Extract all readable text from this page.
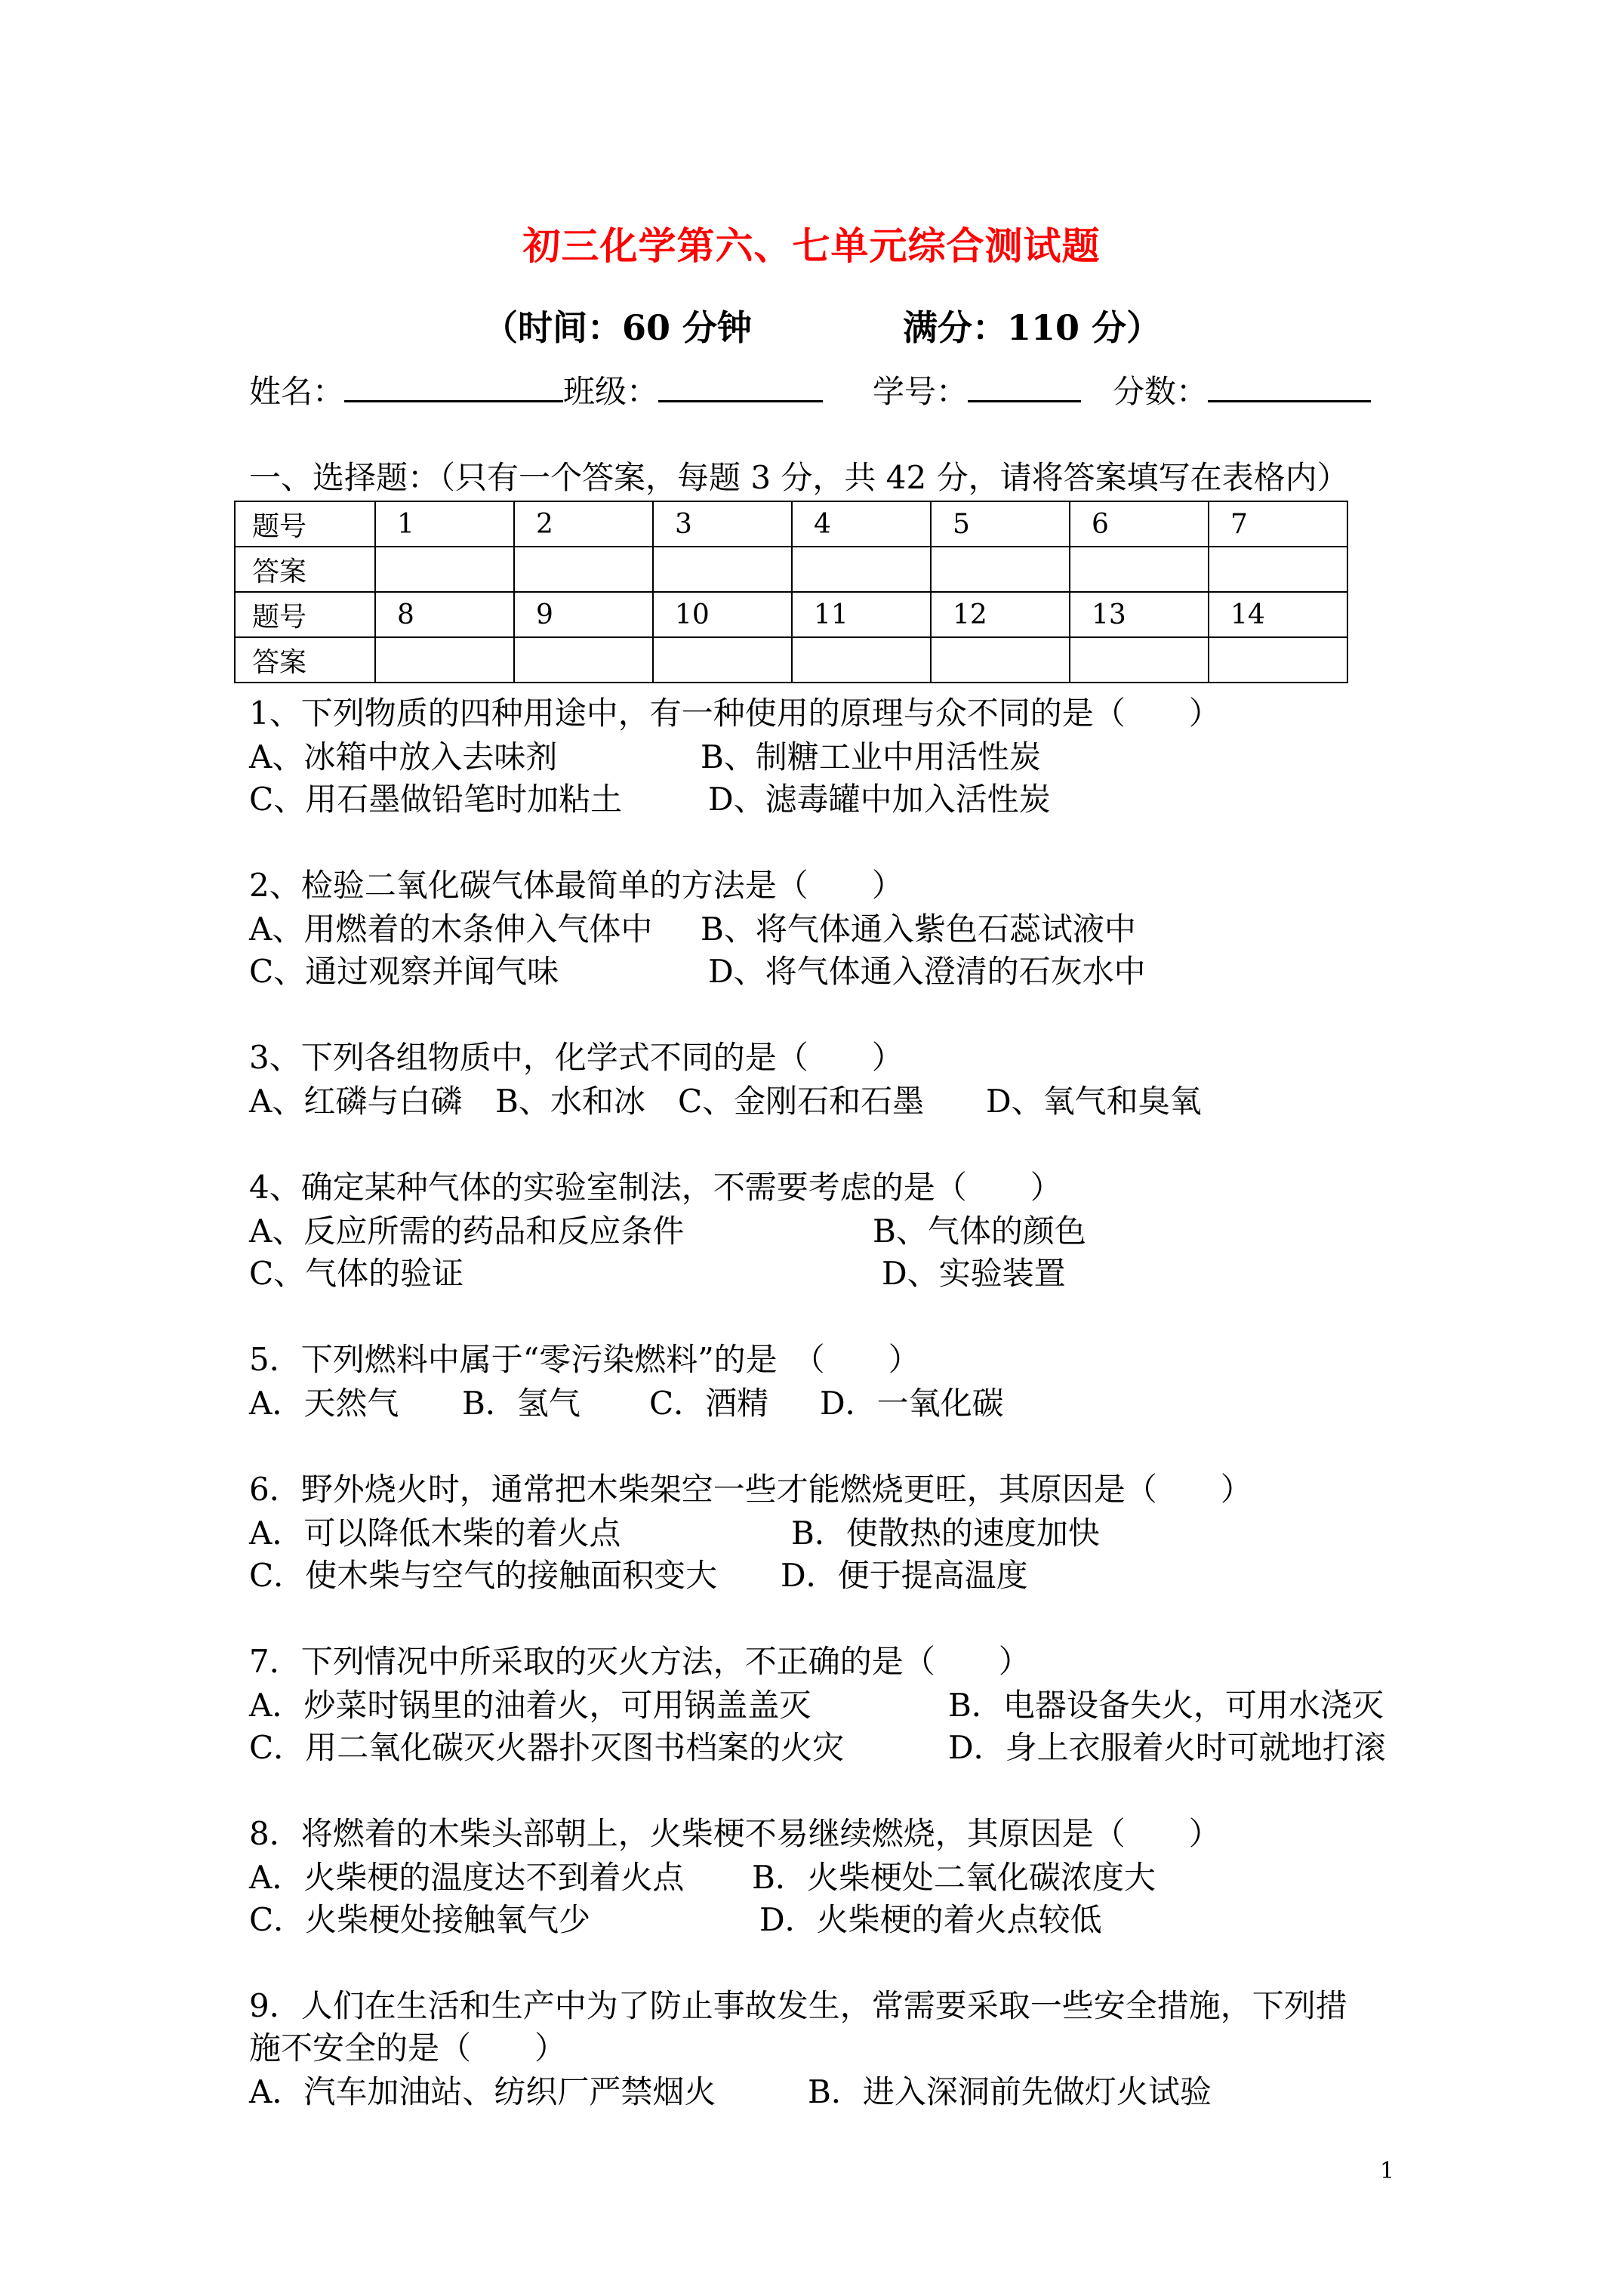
初三化学第六、七单元综合测试题
（时间：60 分钟	满分：110 分）
姓名：	班级：	学号：	分数：
一、选择题：（只有一个答案，每题 3 分，共 42 分，请将答案填写在表格内）
题号	1	2	3	4	5	6	7
答案							
题号	8	9	10	11	12	13	14
答案							
1、下列物质的四种用途中，有一种使用的原理与众不同的是（　　）
A、冰箱中放入去味剂	B、制糖工业中用活性炭
C、用石墨做铅笔时加粘土	D、滤毒罐中加入活性炭
2、检验二氧化碳气体最简单的方法是（　　）
A、用燃着的木条伸入气体中 B、将气体通入紫色石蕊试液中
C、通过观察并闻气味	D、将气体通入澄清的石灰水中
3、下列各组物质中，化学式不同的是（　　）
A、红磷与白磷 B、水和冰 C、金刚石和石墨 D、氧气和臭氧
4、确定某种气体的实验室制法，不需要考虑的是（　　）
A、反应所需的药品和反应条件	B、气体的颜色
C、气体的验证	D、实验装置
5．下列燃料中属于“零污染燃料”的是　（　　）
A．天然气 B．氢气 C．酒精 D．一氧化碳
6．野外烧火时，通常把木柴架空一些才能燃烧更旺，其原因是（　　）
A．可以降低木柴的着火点	B．使散热的速度加快
C．使木柴与空气的接触面积变大 D．便于提高温度
7．下列情况中所采取的灭火方法，不正确的是（　　）
A．炒菜时锅里的油着火，可用锅盖盖灭	B．电器设备失火，可用水浇灭
C．用二氧化碳灭火器扑灭图书档案的火灾	D．身上衣服着火时可就地打滚
8．将燃着的木柴头部朝上，火柴梗不易继续燃烧，其原因是（　　）
A．火柴梗的温度达不到着火点 B．火柴梗处二氧化碳浓度大
C．火柴梗处接触氧气少	D．火柴梗的着火点较低
9．人们在生活和生产中为了防止事故发生，常需要采取一些安全措施，下列措
施不安全的是（　　）
A．汽车加油站、纺织厂严禁烟火	B．进入深洞前先做灯火试验
1
